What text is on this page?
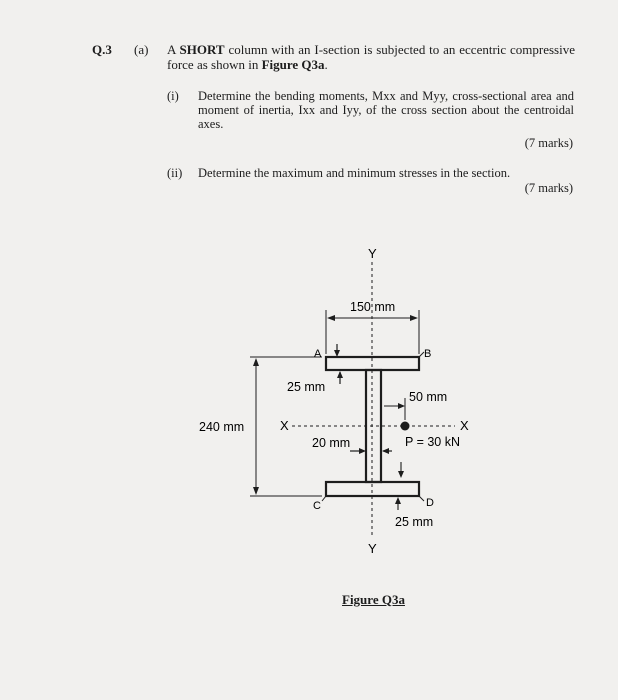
Q.3 (a) A SHORT column with an I-section is subjected to an eccentric compressive force as shown in Figure Q3a.
(i) Determine the bending moments, Mxx and Myy, cross-sectional area and moment of inertia, Ixx and Iyy, of the cross section about the centroidal axes.
(7 marks)
(ii) Determine the maximum and minimum stresses in the section.
(7 marks)
Y
Y
X	X
150 mm
240 mm
25 mm
25 mm
20 mm
50 mm
P = 30 kN
A	B
C	D
Figure Q3a
